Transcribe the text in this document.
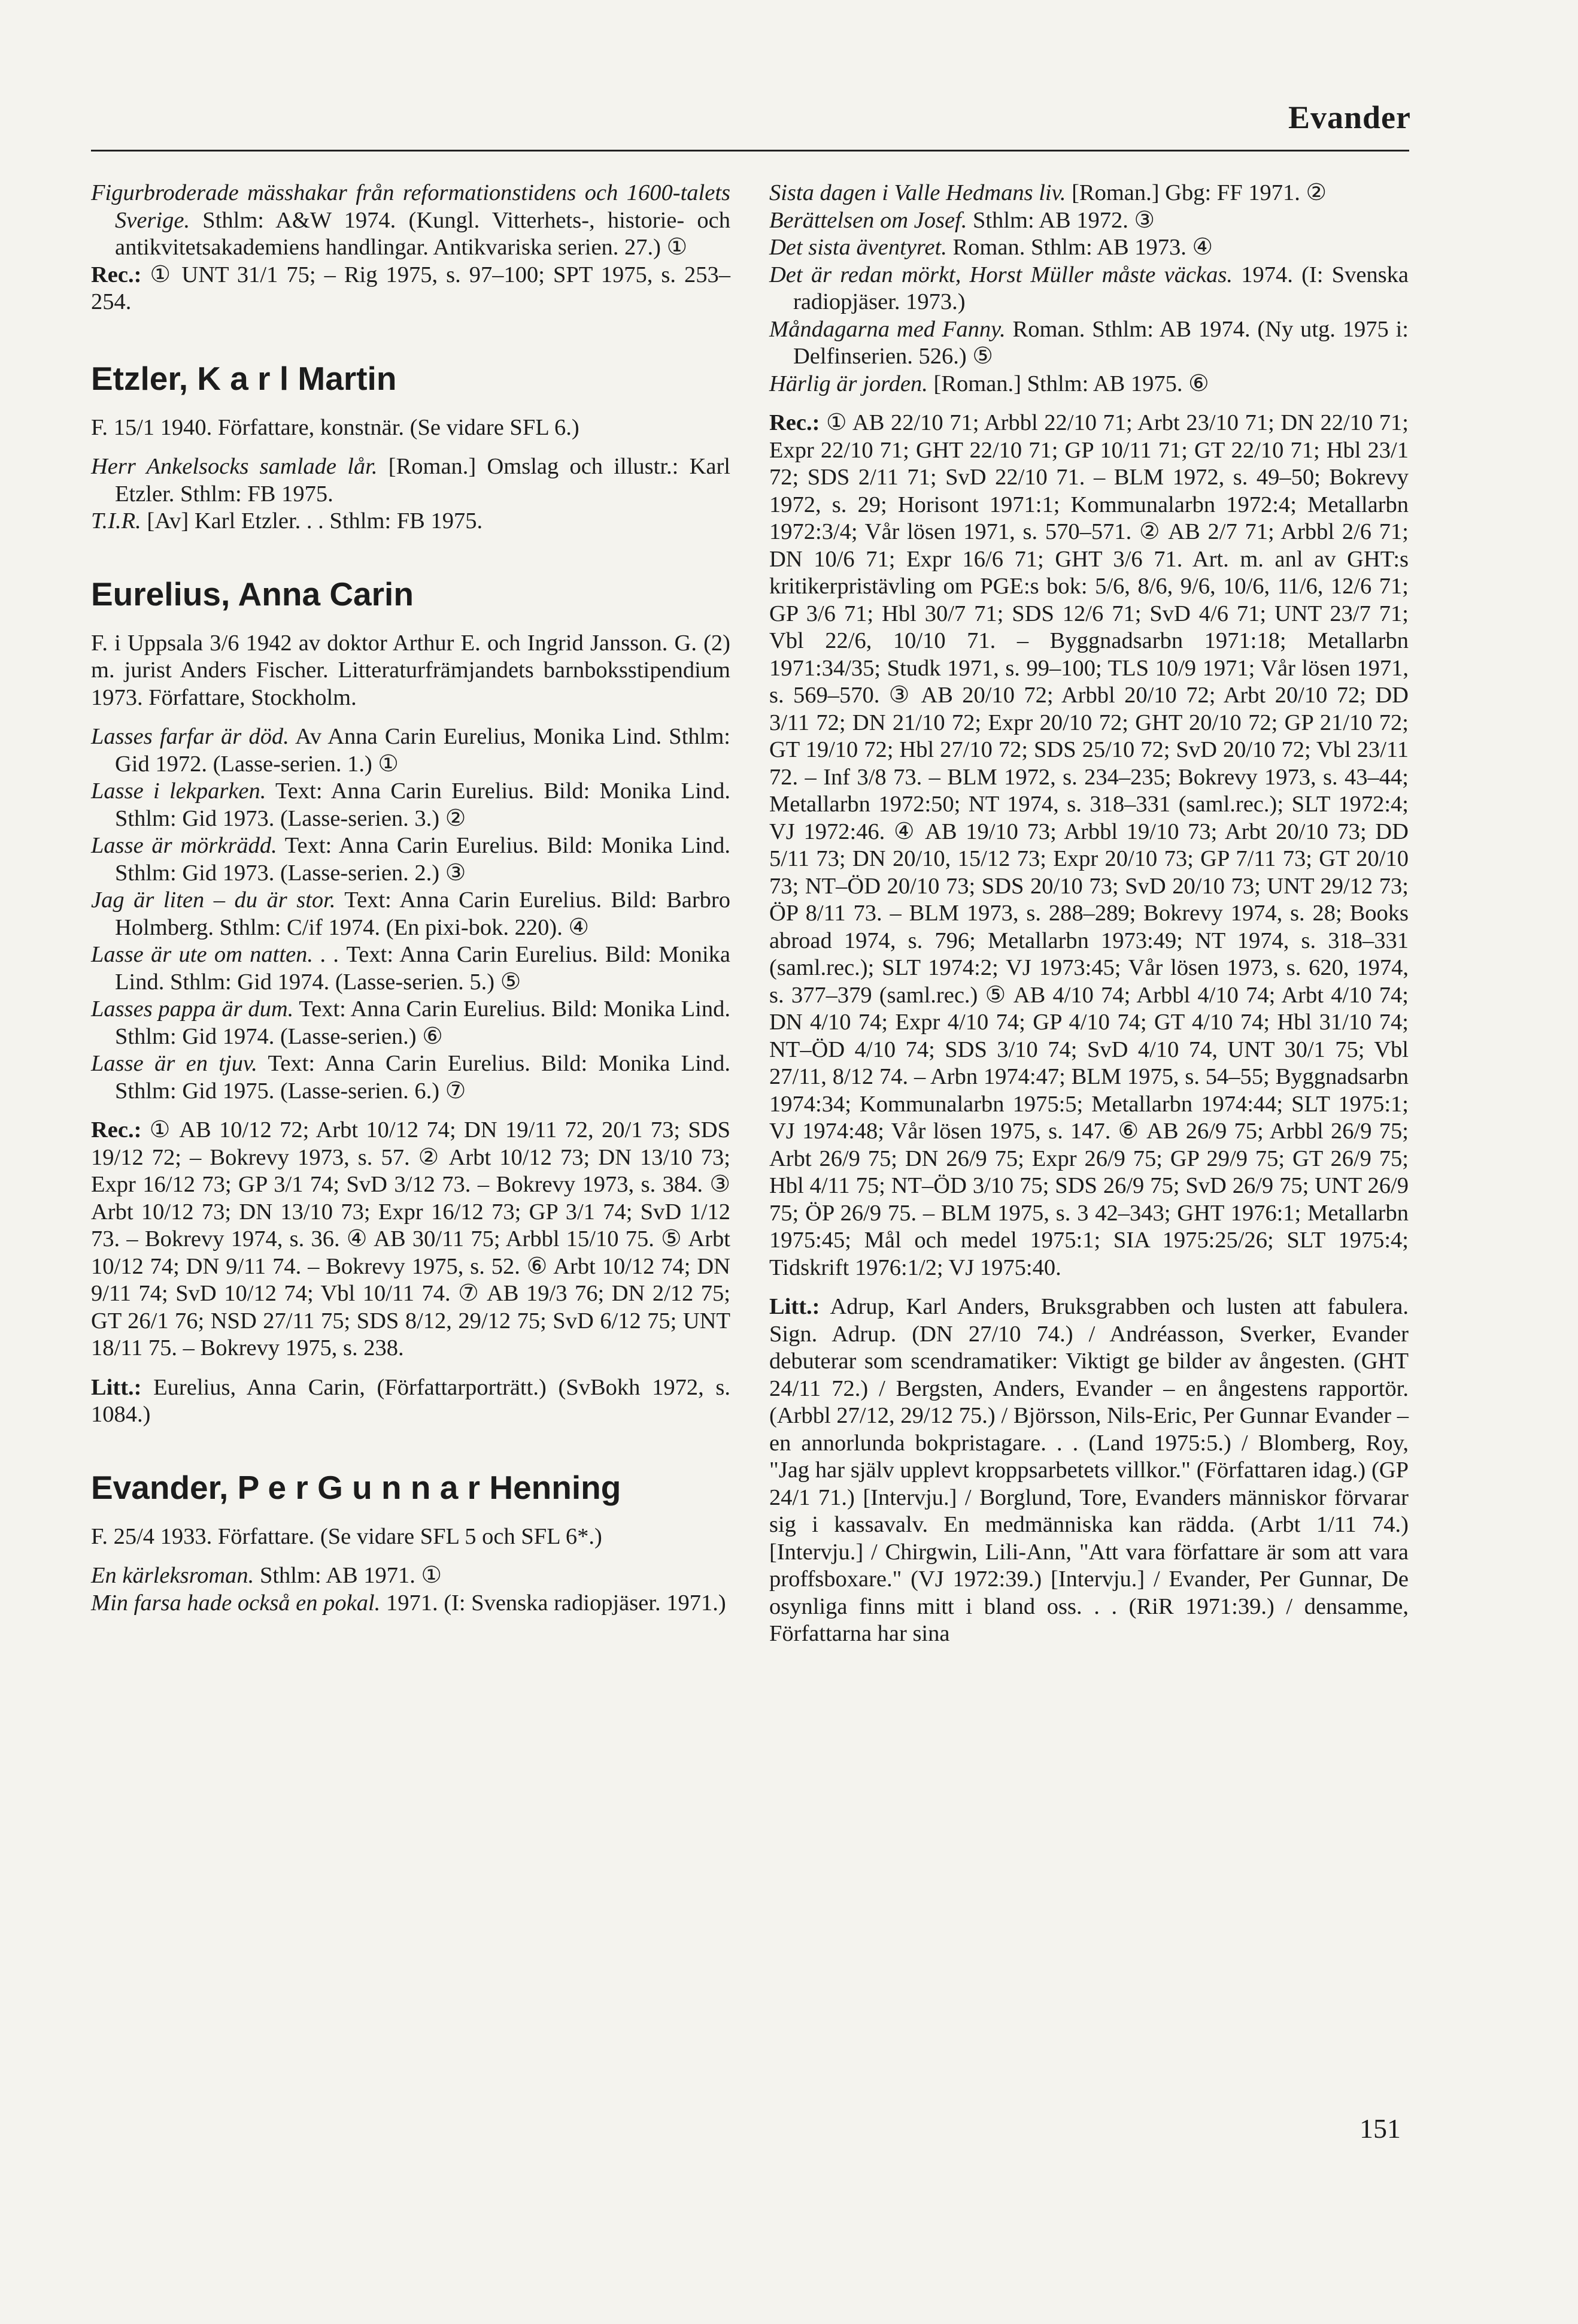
Evander

Figurbroderade mässhakar från reformationstidens och 1600-talets Sverige. Sthlm: A&W 1974. (Kungl. Vitterhets-, historie- och antikvitetsakademiens handlingar. Antikvariska serien. 27.) ①

Rec.: ① UNT 31/1 75; – Rig 1975, s. 97–100; SPT 1975, s. 253–254.

Etzler, K a r l Martin

F. 15/1 1940. Författare, konstnär. (Se vidare SFL 6.)

Herr Ankelsocks samlade lår. [Roman.] Omslag och illustr.: Karl Etzler. Sthlm: FB 1975.

T.I.R. [Av] Karl Etzler. . . Sthlm: FB 1975.

Eurelius, Anna Carin

F. i Uppsala 3/6 1942 av doktor Arthur E. och Ingrid Jansson. G. (2) m. jurist Anders Fischer. Litteraturfrämjandets barnboksstipendium 1973. Författare, Stockholm.

Lasses farfar är död. Av Anna Carin Eurelius, Monika Lind. Sthlm: Gid 1972. (Lasse-serien. 1.) ①

Lasse i lekparken. Text: Anna Carin Eurelius. Bild: Monika Lind. Sthlm: Gid 1973. (Lasse-serien. 3.) ②

Lasse är mörkrädd. Text: Anna Carin Eurelius. Bild: Monika Lind. Sthlm: Gid 1973. (Lasse-serien. 2.) ③

Jag är liten – du är stor. Text: Anna Carin Eurelius. Bild: Barbro Holmberg. Sthlm: C/if 1974. (En pixi-bok. 220). ④

Lasse är ute om natten. . . Text: Anna Carin Eurelius. Bild: Monika Lind. Sthlm: Gid 1974. (Lasse-serien. 5.) ⑤

Lasses pappa är dum. Text: Anna Carin Eurelius. Bild: Monika Lind. Sthlm: Gid 1974. (Lasse-serien.) ⑥

Lasse är en tjuv. Text: Anna Carin Eurelius. Bild: Monika Lind. Sthlm: Gid 1975. (Lasse-serien. 6.) ⑦

Rec.: ① AB 10/12 72; Arbt 10/12 74; DN 19/11 72, 20/1 73; SDS 19/12 72; – Bokrevy 1973, s. 57. ② Arbt 10/12 73; DN 13/10 73; Expr 16/12 73; GP 3/1 74; SvD 3/12 73. – Bokrevy 1973, s. 384. ③ Arbt 10/12 73; DN 13/10 73; Expr 16/12 73; GP 3/1 74; SvD 1/12 73. – Bokrevy 1974, s. 36. ④ AB 30/11 75; Arbbl 15/10 75. ⑤ Arbt 10/12 74; DN 9/11 74. – Bokrevy 1975, s. 52. ⑥ Arbt 10/12 74; DN 9/11 74; SvD 10/12 74; Vbl 10/11 74. ⑦ AB 19/3 76; DN 2/12 75; GT 26/1 76; NSD 27/11 75; SDS 8/12, 29/12 75; SvD 6/12 75; UNT 18/11 75. – Bokrevy 1975, s. 238.

Litt.: Eurelius, Anna Carin, (Författarporträtt.) (SvBokh 1972, s. 1084.)

Evander, P e r G u n n a r Henning

F. 25/4 1933. Författare. (Se vidare SFL 5 och SFL 6*.)

En kärleksroman. Sthlm: AB 1971. ①

Min farsa hade också en pokal. 1971. (I: Svenska radiopjäser. 1971.)

Sista dagen i Valle Hedmans liv. [Roman.] Gbg: FF 1971. ②

Berättelsen om Josef. Sthlm: AB 1972. ③

Det sista äventyret. Roman. Sthlm: AB 1973. ④

Det är redan mörkt, Horst Müller måste väckas. 1974. (I: Svenska radiopjäser. 1973.)

Måndagarna med Fanny. Roman. Sthlm: AB 1974. (Ny utg. 1975 i: Delfinserien. 526.) ⑤

Härlig är jorden. [Roman.] Sthlm: AB 1975. ⑥

Rec.: ① AB 22/10 71; Arbbl 22/10 71; Arbt 23/10 71; DN 22/10 71; Expr 22/10 71; GHT 22/10 71; GP 10/11 71; GT 22/10 71; Hbl 23/1 72; SDS 2/11 71; SvD 22/10 71. – BLM 1972, s. 49–50; Bokrevy 1972, s. 29; Horisont 1971:1; Kommunalarbn 1972:4; Metallarbn 1972:3/4; Vår lösen 1971, s. 570–571. ② AB 2/7 71; Arbbl 2/6 71; DN 10/6 71; Expr 16/6 71; GHT 3/6 71. Art. m. anl av GHT:s kritikerpristävling om PGE:s bok: 5/6, 8/6, 9/6, 10/6, 11/6, 12/6 71; GP 3/6 71; Hbl 30/7 71; SDS 12/6 71; SvD 4/6 71; UNT 23/7 71; Vbl 22/6, 10/10 71. – Byggnadsarbn 1971:18; Metallarbn 1971:34/35; Studk 1971, s. 99–100; TLS 10/9 1971; Vår lösen 1971, s. 569–570. ③ AB 20/10 72; Arbbl 20/10 72; Arbt 20/10 72; DD 3/11 72; DN 21/10 72; Expr 20/10 72; GHT 20/10 72; GP 21/10 72; GT 19/10 72; Hbl 27/10 72; SDS 25/10 72; SvD 20/10 72; Vbl 23/11 72. – Inf 3/8 73. – BLM 1972, s. 234–235; Bokrevy 1973, s. 43–44; Metallarbn 1972:50; NT 1974, s. 318–331 (saml.rec.); SLT 1972:4; VJ 1972:46. ④ AB 19/10 73; Arbbl 19/10 73; Arbt 20/10 73; DD 5/11 73; DN 20/10, 15/12 73; Expr 20/10 73; GP 7/11 73; GT 20/10 73; NT–ÖD 20/10 73; SDS 20/10 73; SvD 20/10 73; UNT 29/12 73; ÖP 8/11 73. – BLM 1973, s. 288–289; Bokrevy 1974, s. 28; Books abroad 1974, s. 796; Metallarbn 1973:49; NT 1974, s. 318–331 (saml.rec.); SLT 1974:2; VJ 1973:45; Vår lösen 1973, s. 620, 1974, s. 377–379 (saml.rec.) ⑤ AB 4/10 74; Arbbl 4/10 74; Arbt 4/10 74; DN 4/10 74; Expr 4/10 74; GP 4/10 74; GT 4/10 74; Hbl 31/10 74; NT–ÖD 4/10 74; SDS 3/10 74; SvD 4/10 74, UNT 30/1 75; Vbl 27/11, 8/12 74. – Arbn 1974:47; BLM 1975, s. 54–55; Byggnadsarbn 1974:34; Kommunalarbn 1975:5; Metallarbn 1974:44; SLT 1975:1; VJ 1974:48; Vår lösen 1975, s. 147. ⑥ AB 26/9 75; Arbbl 26/9 75; Arbt 26/9 75; DN 26/9 75; Expr 26/9 75; GP 29/9 75; GT 26/9 75; Hbl 4/11 75; NT–ÖD 3/10 75; SDS 26/9 75; SvD 26/9 75; UNT 26/9 75; ÖP 26/9 75. – BLM 1975, s. 3 42–343; GHT 1976:1; Metallarbn 1975:45; Mål och medel 1975:1; SIA 1975:25/26; SLT 1975:4; Tidskrift 1976:1/2; VJ 1975:40.

Litt.: Adrup, Karl Anders, Bruksgrabben och lusten att fabulera. Sign. Adrup. (DN 27/10 74.) / Andréasson, Sverker, Evander debuterar som scendramatiker: Viktigt ge bilder av ångesten. (GHT 24/11 72.) / Bergsten, Anders, Evander – en ångestens rapportör. (Arbbl 27/12, 29/12 75.) / Björsson, Nils-Eric, Per Gunnar Evander – en annorlunda bokpristagare. . . (Land 1975:5.) / Blomberg, Roy, "Jag har själv upplevt kroppsarbetets villkor." (Författaren idag.) (GP 24/1 71.) [Intervju.] / Borglund, Tore, Evanders människor förvarar sig i kassavalv. En medmänniska kan rädda. (Arbt 1/11 74.) [Intervju.] / Chirgwin, Lili-Ann, "Att vara författare är som att vara proffsboxare." (VJ 1972:39.) [Intervju.] / Evander, Per Gunnar, De osynliga finns mitt i bland oss. . . (RiR 1971:39.) / densamme, Författarna har sina

151
